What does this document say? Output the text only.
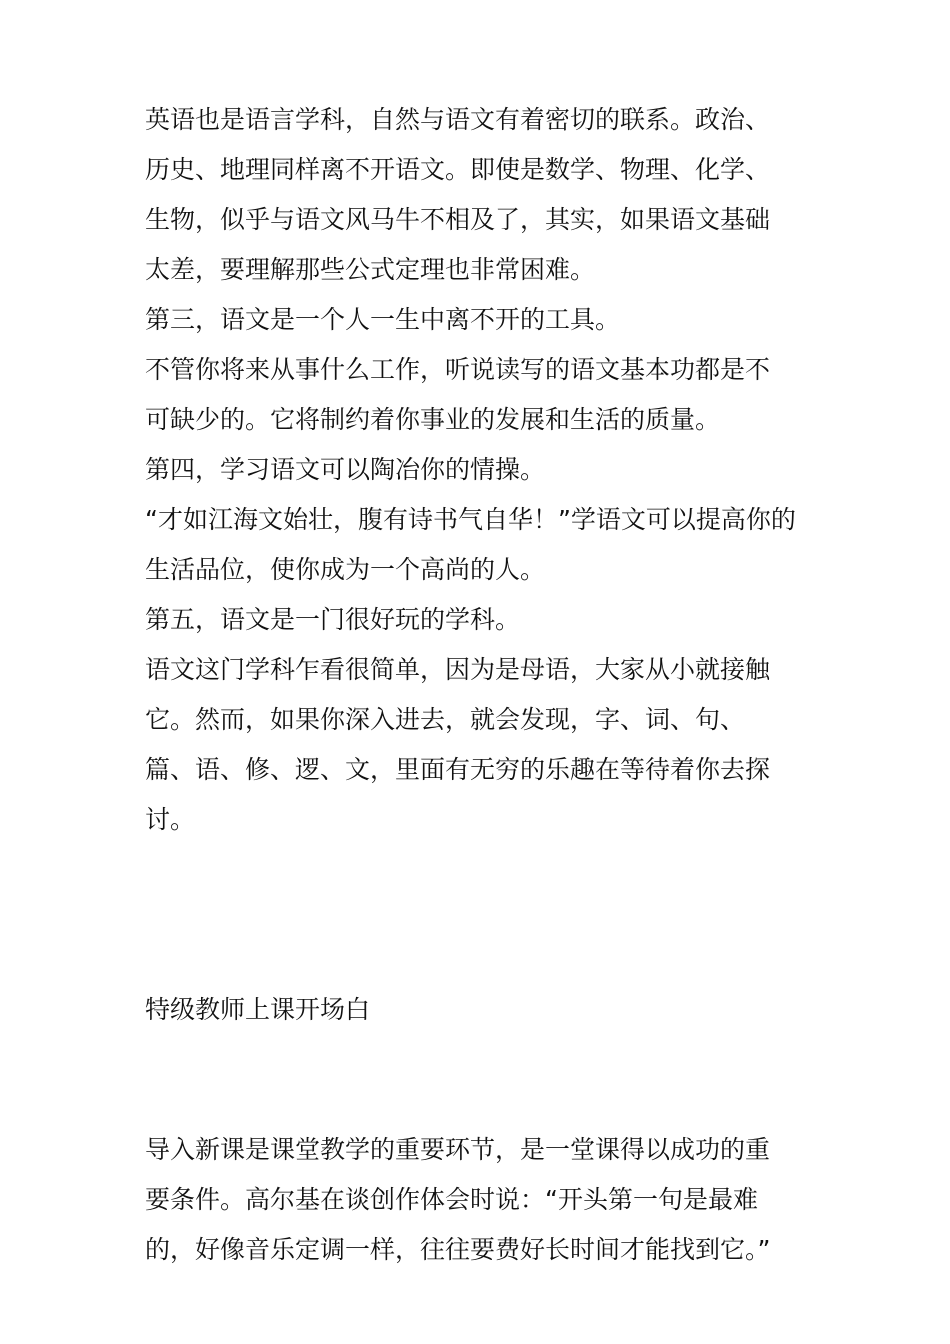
英语也是语言学科，自然与语文有着密切的联系。政治、
历史、地理同样离不开语文。即使是数学、物理、化学、
生物，似乎与语文风马牛不相及了，其实，如果语文基础
太差，要理解那些公式定理也非常困难。
第三，语文是一个人一生中离不开的工具。
不管你将来从事什么工作，听说读写的语文基本功都是不
可缺少的。它将制约着你事业的发展和生活的质量。
第四，学习语文可以陶冶你的情操。
“才如江海文始壮，腹有诗书气自华！”学语文可以提高你的
生活品位，使你成为一个高尚的人。
第五，语文是一门很好玩的学科。
语文这门学科乍看很简单，因为是母语，大家从小就接触
它。然而，如果你深入进去，就会发现，字、词、句、
篇、语、修、逻、文，里面有无穷的乐趣在等待着你去探
讨。
特级教师上课开场白
导入新课是课堂教学的重要环节，是一堂课得以成功的重
要条件。高尔基在谈创作体会时说：“开头第一句是最难
的，好像音乐定调一样，往往要费好长时间才能找到它。”
